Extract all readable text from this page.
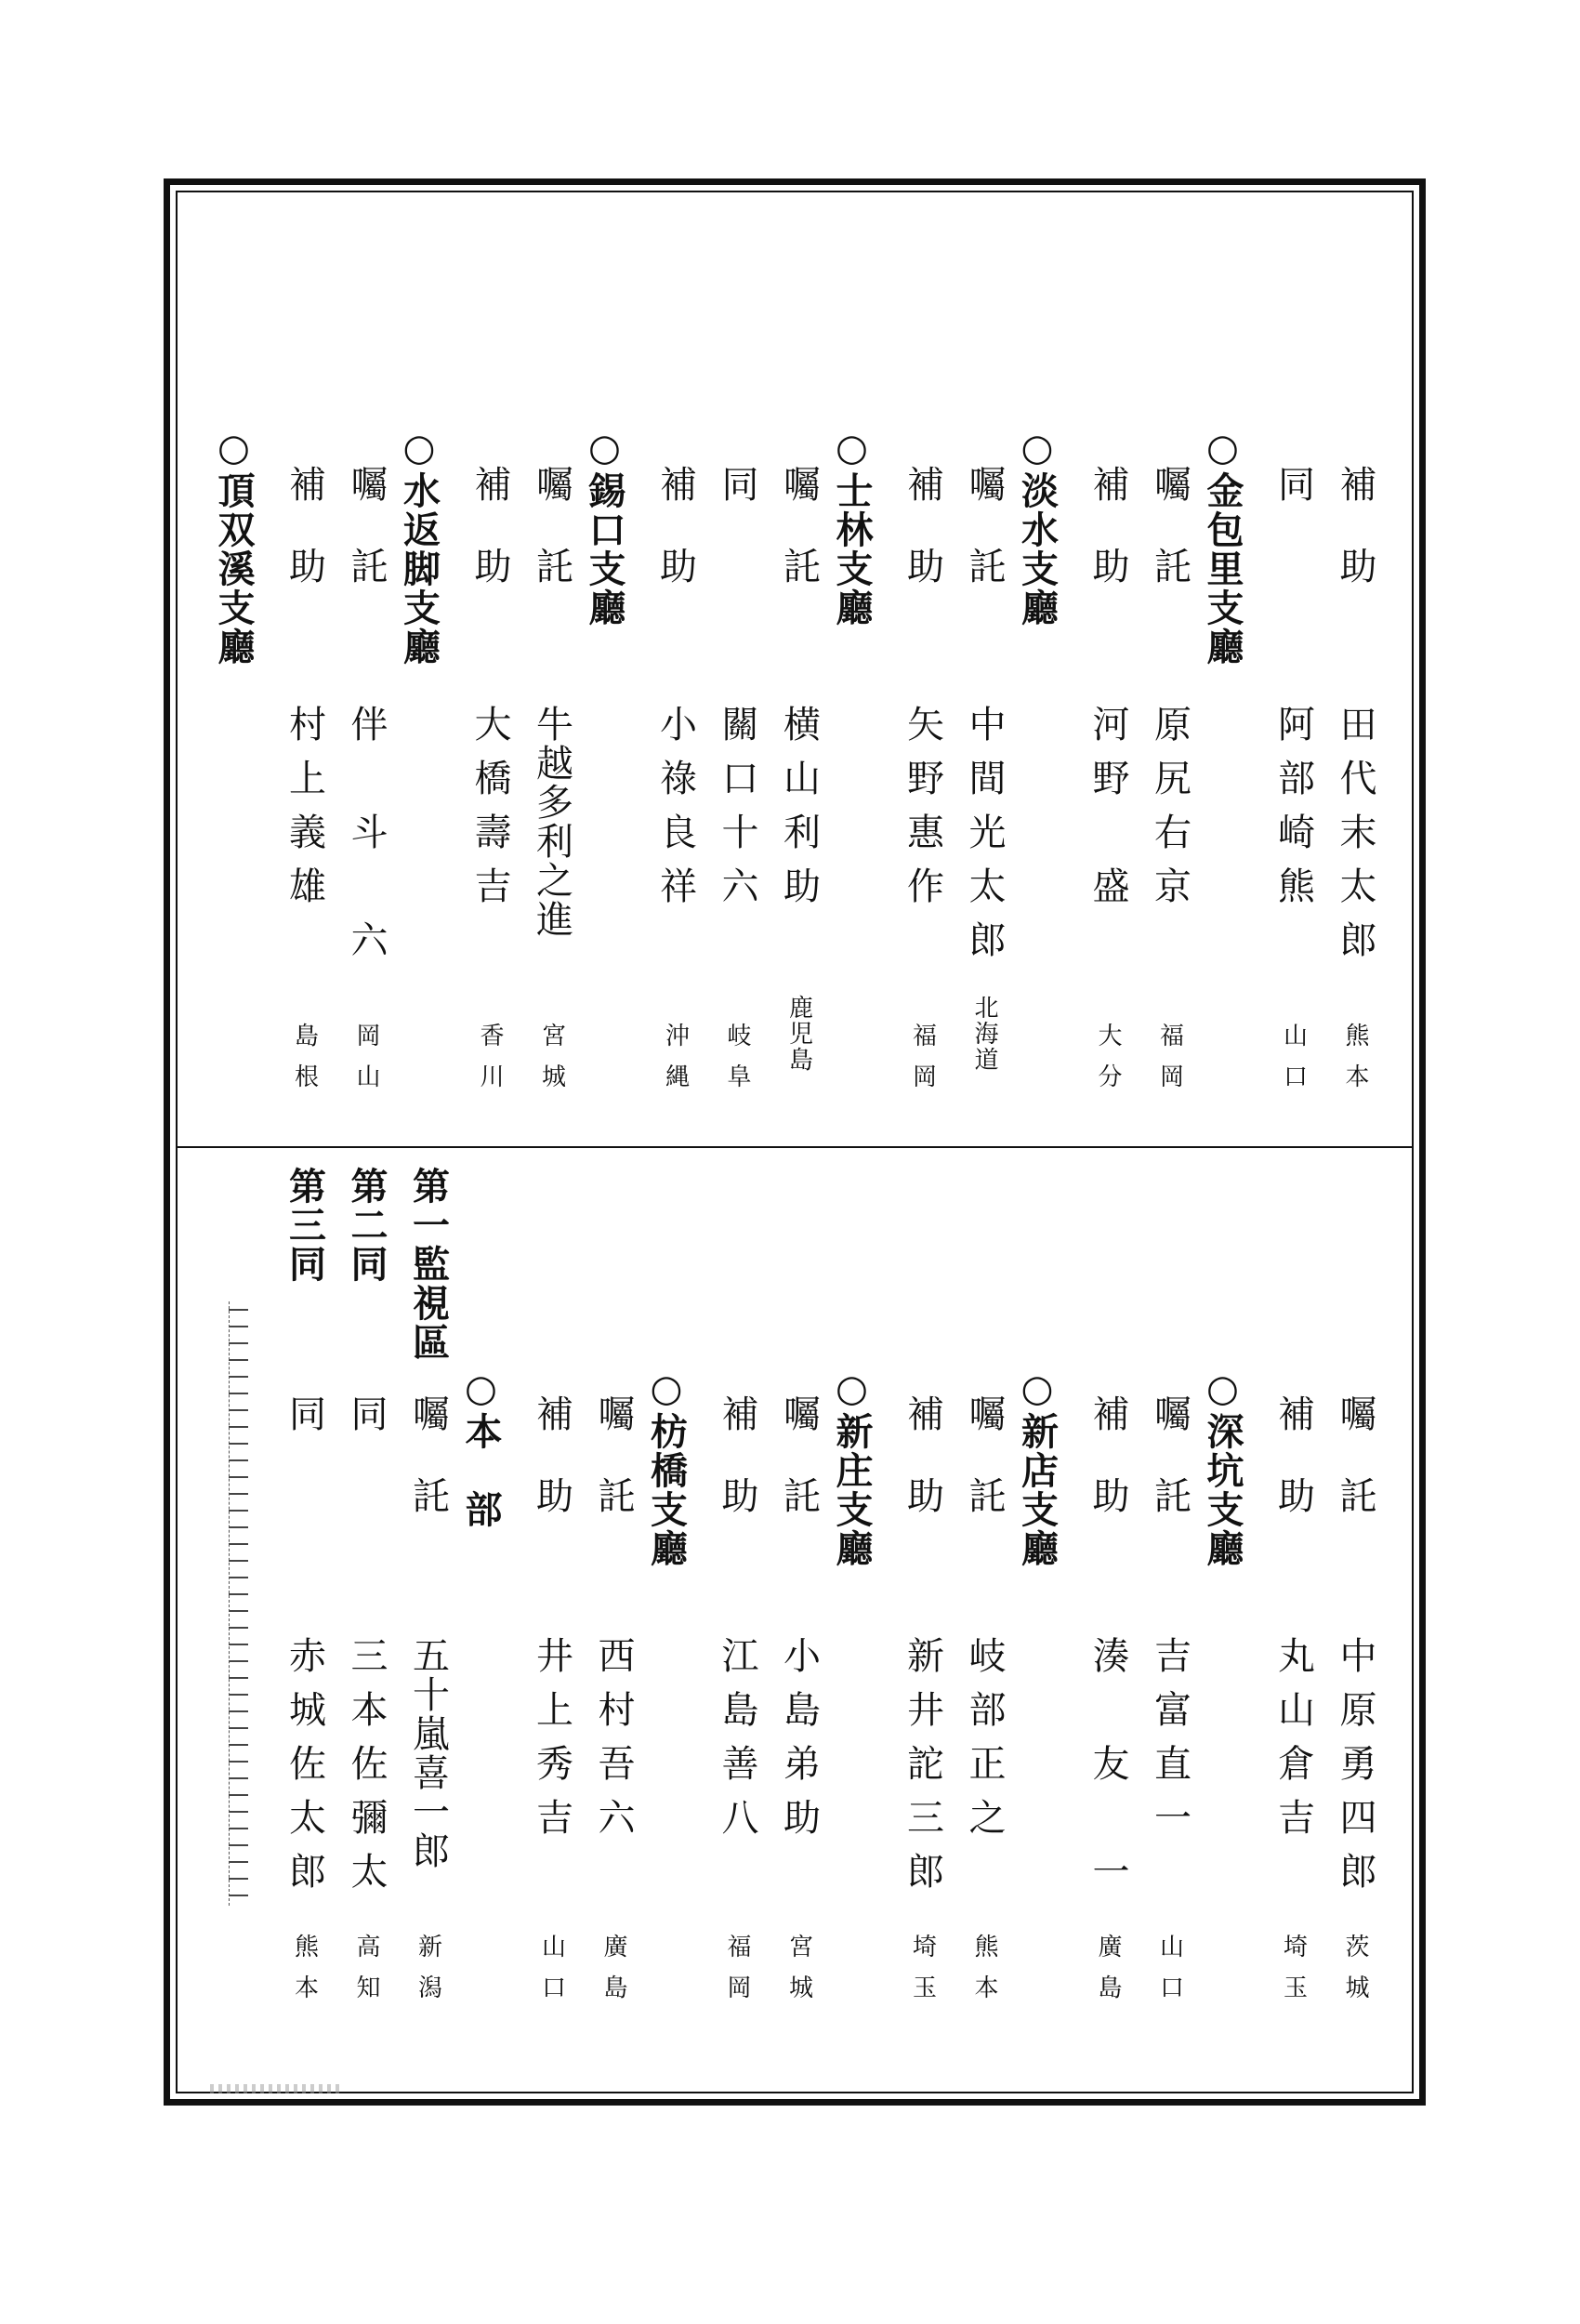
補　助
田代末太郎
熊本
同
阿部崎熊
山口
○金包里支廳
囑　託
原尻右京
福岡
補　助
河野　盛
大分
○淡水支廳
囑　託
中間光太郎
北海道
補　助
矢野惠作
福岡
○士林支廳
囑　託
横山利助
鹿児島
同
關口十六
岐阜
補　助
小祿良祥
沖縄
○錫口支廳
囑　託
牛越多利之進
宮城
補　助
大橋壽吉
香川
○水返脚支廳
囑　託
伴　斗　六
岡山
補　助
村上義雄
島根
○頂双溪支廳
囑　託
中原勇四郎
茨城
補　助
丸山倉吉
埼玉
○深坑支廳
囑　託
吉富直一
山口
補　助
湊　友　一
廣島
○新店支廳
囑　託
岐部正之
熊本
補　助
新井詑三郎
埼玉
○新庄支廳
囑　託
小島弟助
宮城
補　助
江島善八
福岡
○枋橋支廳
囑　託
西村吾六
廣島
補　助
井上秀吉
山口
○本　部
第一監視區
囑　託
五十嵐喜一郎
新潟
第二同
同
三本佐彌太
高知
第三同
同
赤城佐太郎
熊本
